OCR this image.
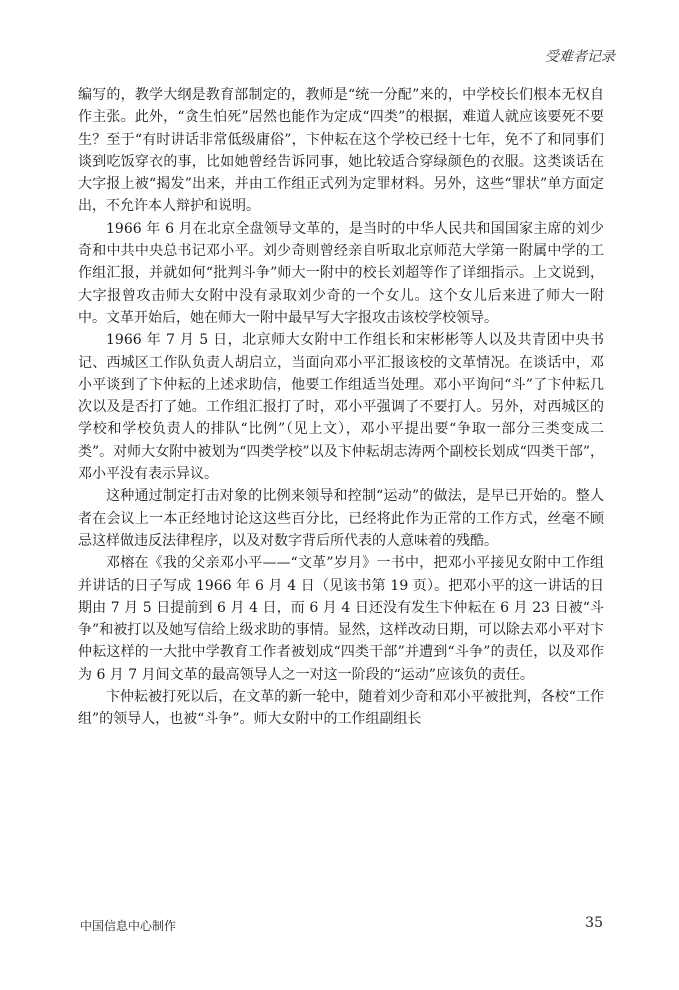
受难者记录

编写的，教学大纲是教育部制定的，教师是“统一分配”来的，中学校长们根本无权自作主张。此外，“贪生怕死”居然也能作为定成“四类”的根据，难道人就应该要死不要生？至于“有时讲话非常低级庸俗”，卞仲耘在这个学校已经十七年，免不了和同事们谈到吃饭穿衣的事，比如她曾经告诉同事，她比较适合穿绿颜色的衣服。这类谈话在大字报上被“揭发”出来，并由工作组正式列为定罪材料。另外，这些“罪状”单方面定出，不允许本人辩护和说明。

1966 年 6 月在北京全盘领导文革的，是当时的中华人民共和国国家主席的刘少奇和中共中央总书记邓小平。刘少奇则曾经亲自听取北京师范大学第一附属中学的工作组汇报，并就如何“批判斗争”师大一附中的校长刘超等作了详细指示。上文说到，大字报曾攻击师大女附中没有录取刘少奇的一个女儿。这个女儿后来进了师大一附中。文革开始后，她在师大一附中最早写大字报攻击该校学校领导。

1966 年 7 月 5 日，北京师大女附中工作组长和宋彬彬等人以及共青团中央书记、西城区工作队负责人胡启立，当面向邓小平汇报该校的文革情况。在谈话中，邓小平谈到了卞仲耘的上述求助信，他要工作组适当处理。邓小平询问“斗”了卞仲耘几次以及是否打了她。工作组汇报打了时，邓小平强调了不要打人。另外，对西城区的学校和学校负责人的排队“比例”（见上文），邓小平提出要“争取一部分三类变成二类”。对师大女附中被划为“四类学校”以及卞仲耘胡志涛两个副校长划成“四类干部”，邓小平没有表示异议。

这种通过制定打击对象的比例来领导和控制“运动”的做法，是早已开始的。整人者在会议上一本正经地讨论这这些百分比，已经将此作为正常的工作方式，丝毫不顾忌这样做违反法律程序，以及对数字背后所代表的人意味着的残酷。

邓榕在《我的父亲邓小平——“文革”岁月》一书中，把邓小平接见女附中工作组并讲话的日子写成 1966 年 6 月 4 日（见该书第 19 页）。把邓小平的这一讲话的日期由 7 月 5 日提前到 6 月 4 日，而 6 月 4 日还没有发生卞仲耘在 6 月 23 日被“斗争”和被打以及她写信给上级求助的事情。显然，这样改动日期，可以除去邓小平对卞仲耘这样的一大批中学教育工作者被划成“四类干部”并遭到“斗争”的责任，以及邓作为 6 月 7 月间文革的最高领导人之一对这一阶段的“运动”应该负的责任。

卞仲耘被打死以后，在文革的新一轮中，随着刘少奇和邓小平被批判，各校“工作组”的领导人，也被“斗争”。师大女附中的工作组副组长

中国信息中心制作	35
